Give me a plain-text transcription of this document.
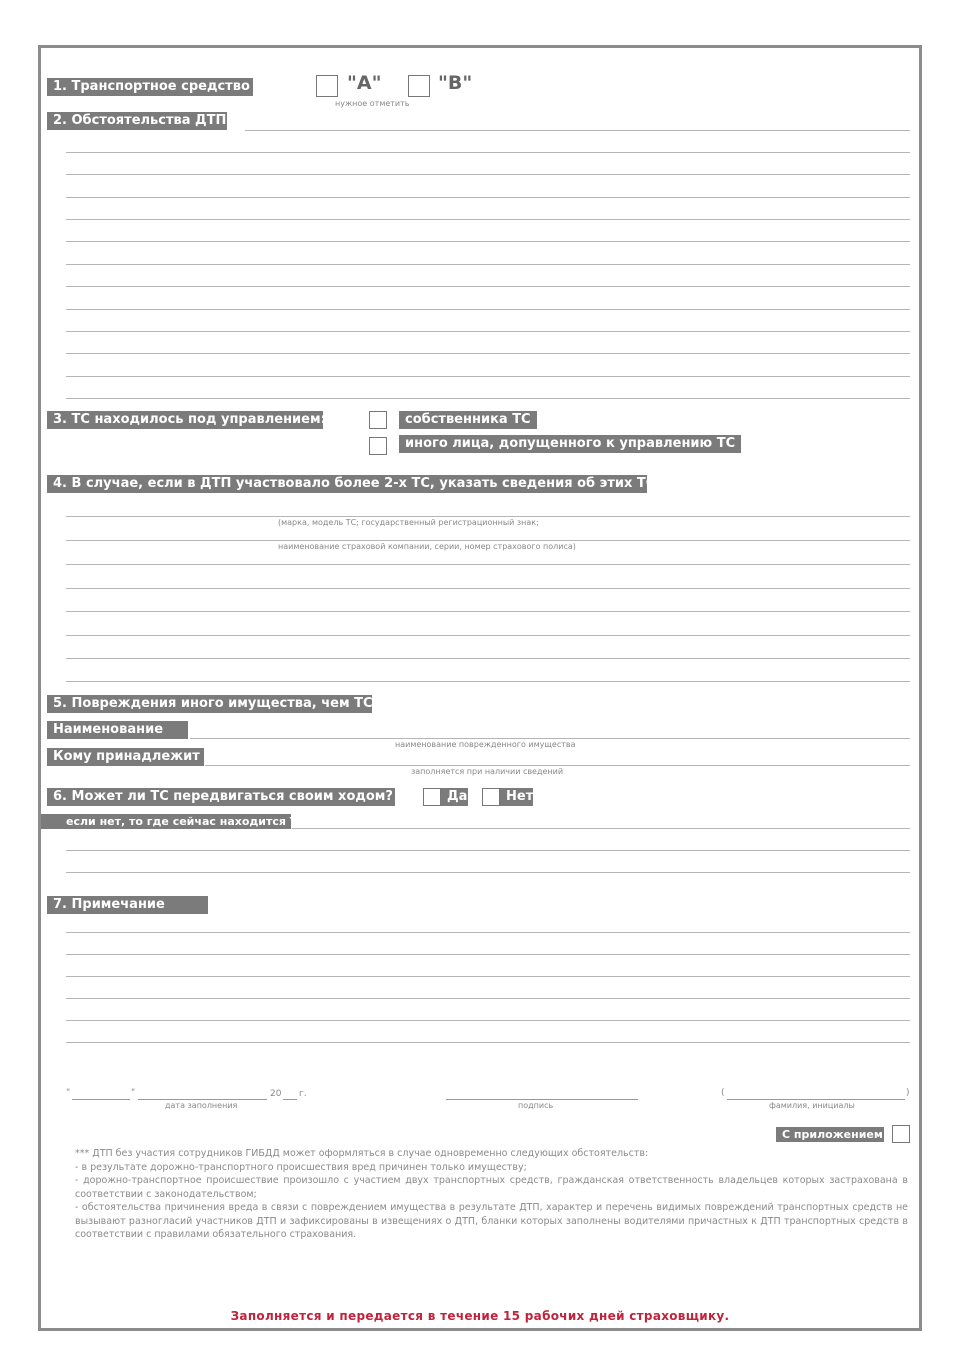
1. Транспортное средство	"А"	"В"
нужное отметить
2. Обстоятельства ДТП
3. ТС находилось под управлением:	собственника ТС
иного лица, допущенного к управлению ТС
4. В случае, если в ДТП участвовало более 2-х ТС, указать сведения об этих ТС
(марка, модель ТС; государственный регистрационный знак;
наименование страховой компании, серии, номер страхового полиса)
5. Повреждения иного имущества, чем ТС
Наименование
наименование поврежденного имущества
Кому принадлежит
заполняется при наличии сведений
6. Может ли ТС передвигаться своим ходом?	Да	Нет
если нет, то где сейчас находится ТС
7. Примечание
"	"	20 г.
дата заполнения	подпись
(	)
фамилия, инициалы
С приложением

*** ДТП без участия сотрудников ГИБДД может оформляться в случае одновременно следующих обстоятельств:

- в результате дорожно-транспортного происшествия вред причинен только имуществу;

- дорожно-транспортное происшествие произошло с участием двух транспортных средств, гражданская ответственность владельцев которых застрахована в соответствии с законодательством;

- обстоятельства причинения вреда в связи с повреждением имущества в результате ДТП, характер и перечень видимых повреждений транспортных средств не вызывают разногласий участников ДТП и зафиксированы в извещениях о ДТП, бланки которых заполнены водителями причастных к ДТП транспортных средств в соответствии с правилами обязательного страхования.

Заполняется и передается в течение 15 рабочих дней страховщику.
